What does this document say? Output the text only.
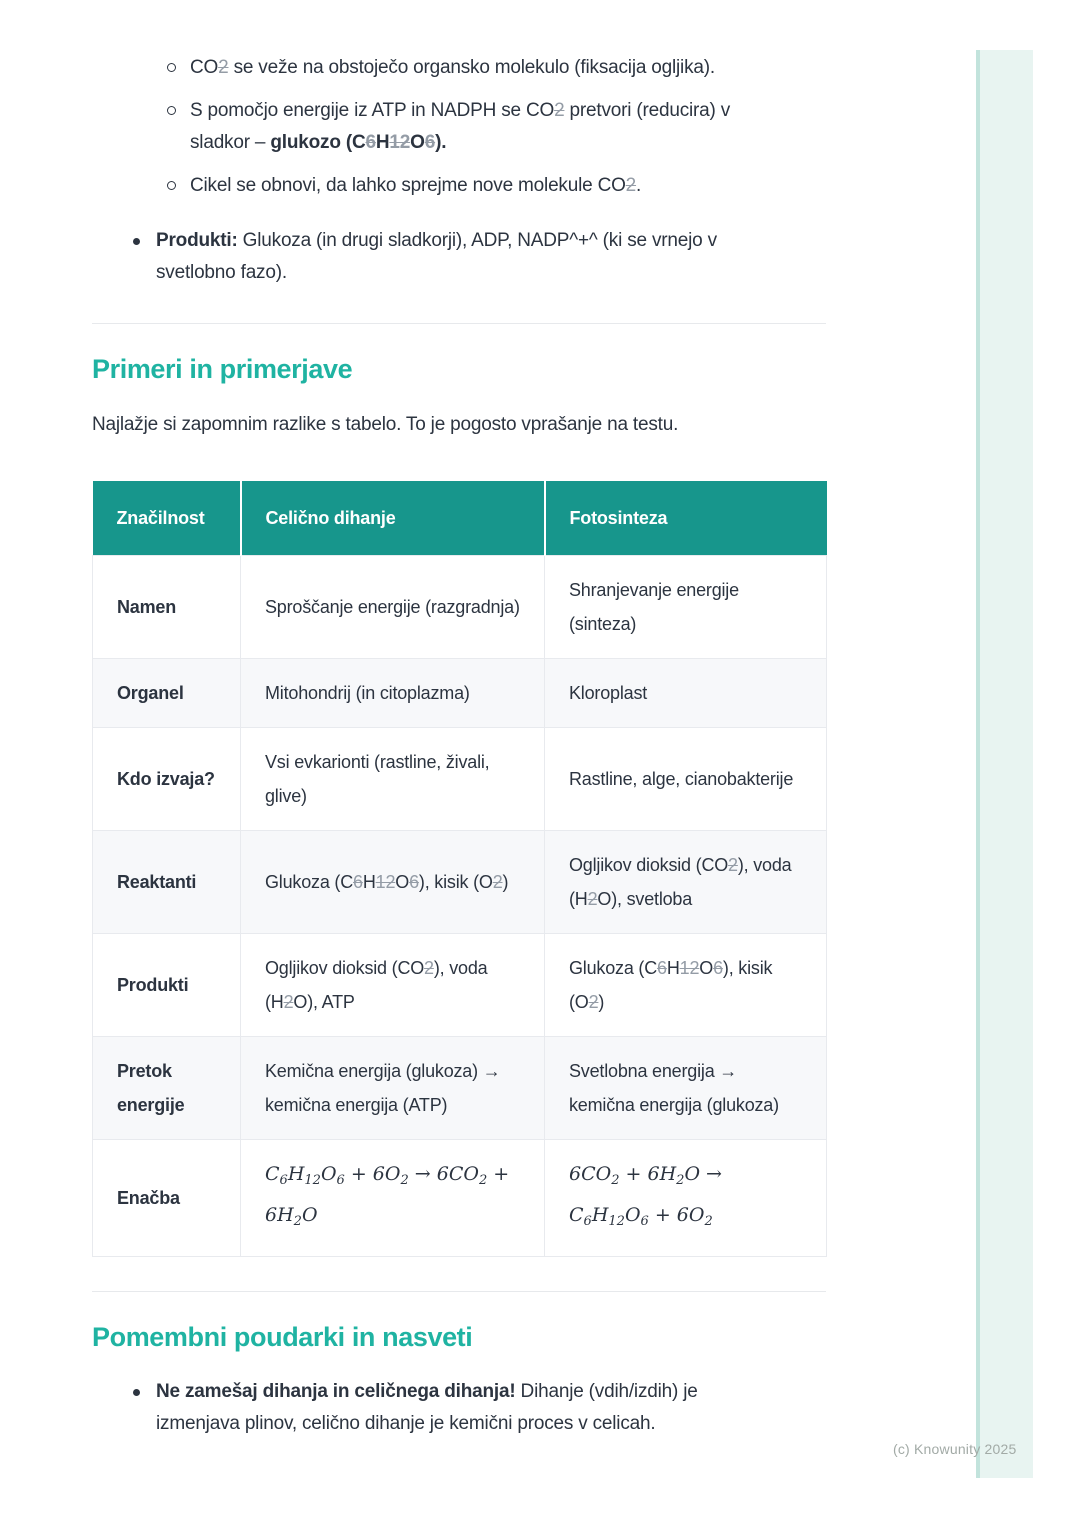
CO2 se veže na obstoječo organsko molekulo (fiksacija ogljika).
S pomočjo energije iz ATP in NADPH se CO2 pretvori (reducira) v sladkor – glukozo (C6H12O6).
Cikel se obnovi, da lahko sprejme nove molekule CO2.
Produkti: Glukoza (in drugi sladkorji), ADP, NADP^+^ (ki se vrnejo v svetlobno fazo).
Primeri in primerjave

Najlažje si zapomnim razlike s tabelo. To je pogosto vprašanje na testu.

Značilnost	Celično dihanje	Fotosinteza
Namen	Sproščanje energije (razgradnja)	Shranjevanje energije (sinteza)
Organel	Mitohondrij (in citoplazma)	Kloroplast
Kdo izvaja?	Vsi evkarionti (rastline, živali, glive)	Rastline, alge, cianobakterije
Reaktanti	Glukoza (C6H12O6), kisik (O2)	Ogljikov dioksid (CO2), voda (H2O), svetloba
Produkti	Ogljikov dioksid (CO2), voda (H2O), ATP	Glukoza (C6H12O6), kisik (O2)
Pretok energije	Kemična energija (glukoza) → kemična energija (ATP)	Svetlobna energija → kemična energija (glukoza)
Enačba	$C_6H_{12}O_6 + 6O_2 \to 6CO_2 + 6H_2O$	$6CO_2 + 6H_2O \to C_6H_{12}O_6 + 6O_2$
Pomembni poudarki in nasveti
Ne zamešaj dihanja in celičnega dihanja! Dihanje (vdih/izdih) je izmenjava plinov, celično dihanje je kemični proces v celicah.
(c) Knowunity 2025
